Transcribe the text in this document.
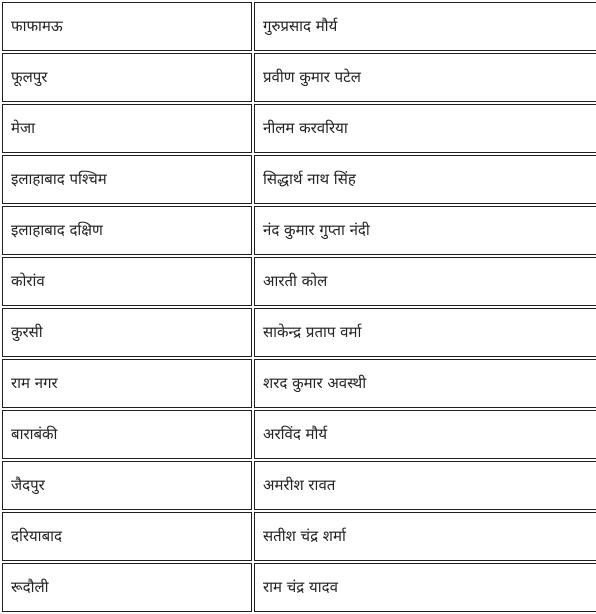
फाफामऊ	गुरुप्रसाद मौर्य
फूलपुर	प्रवीण कुमार पटेल
मेजा	नीलम करवरिया
इलाहाबाद पश्चिम	सिद्धार्थ नाथ सिंह
इलाहाबाद दक्षिण	नंद कुमार गुप्ता नंदी
कोरांव	आरती कोल
कुरसी	साकेन्द्र प्रताप वर्मा
राम नगर	शरद कुमार अवस्थी
बाराबंकी	अरविंद मौर्य
जैदपुर	अमरीश रावत
दरियाबाद	सतीश चंद्र शर्मा
रूदौली	राम चंद्र यादव
